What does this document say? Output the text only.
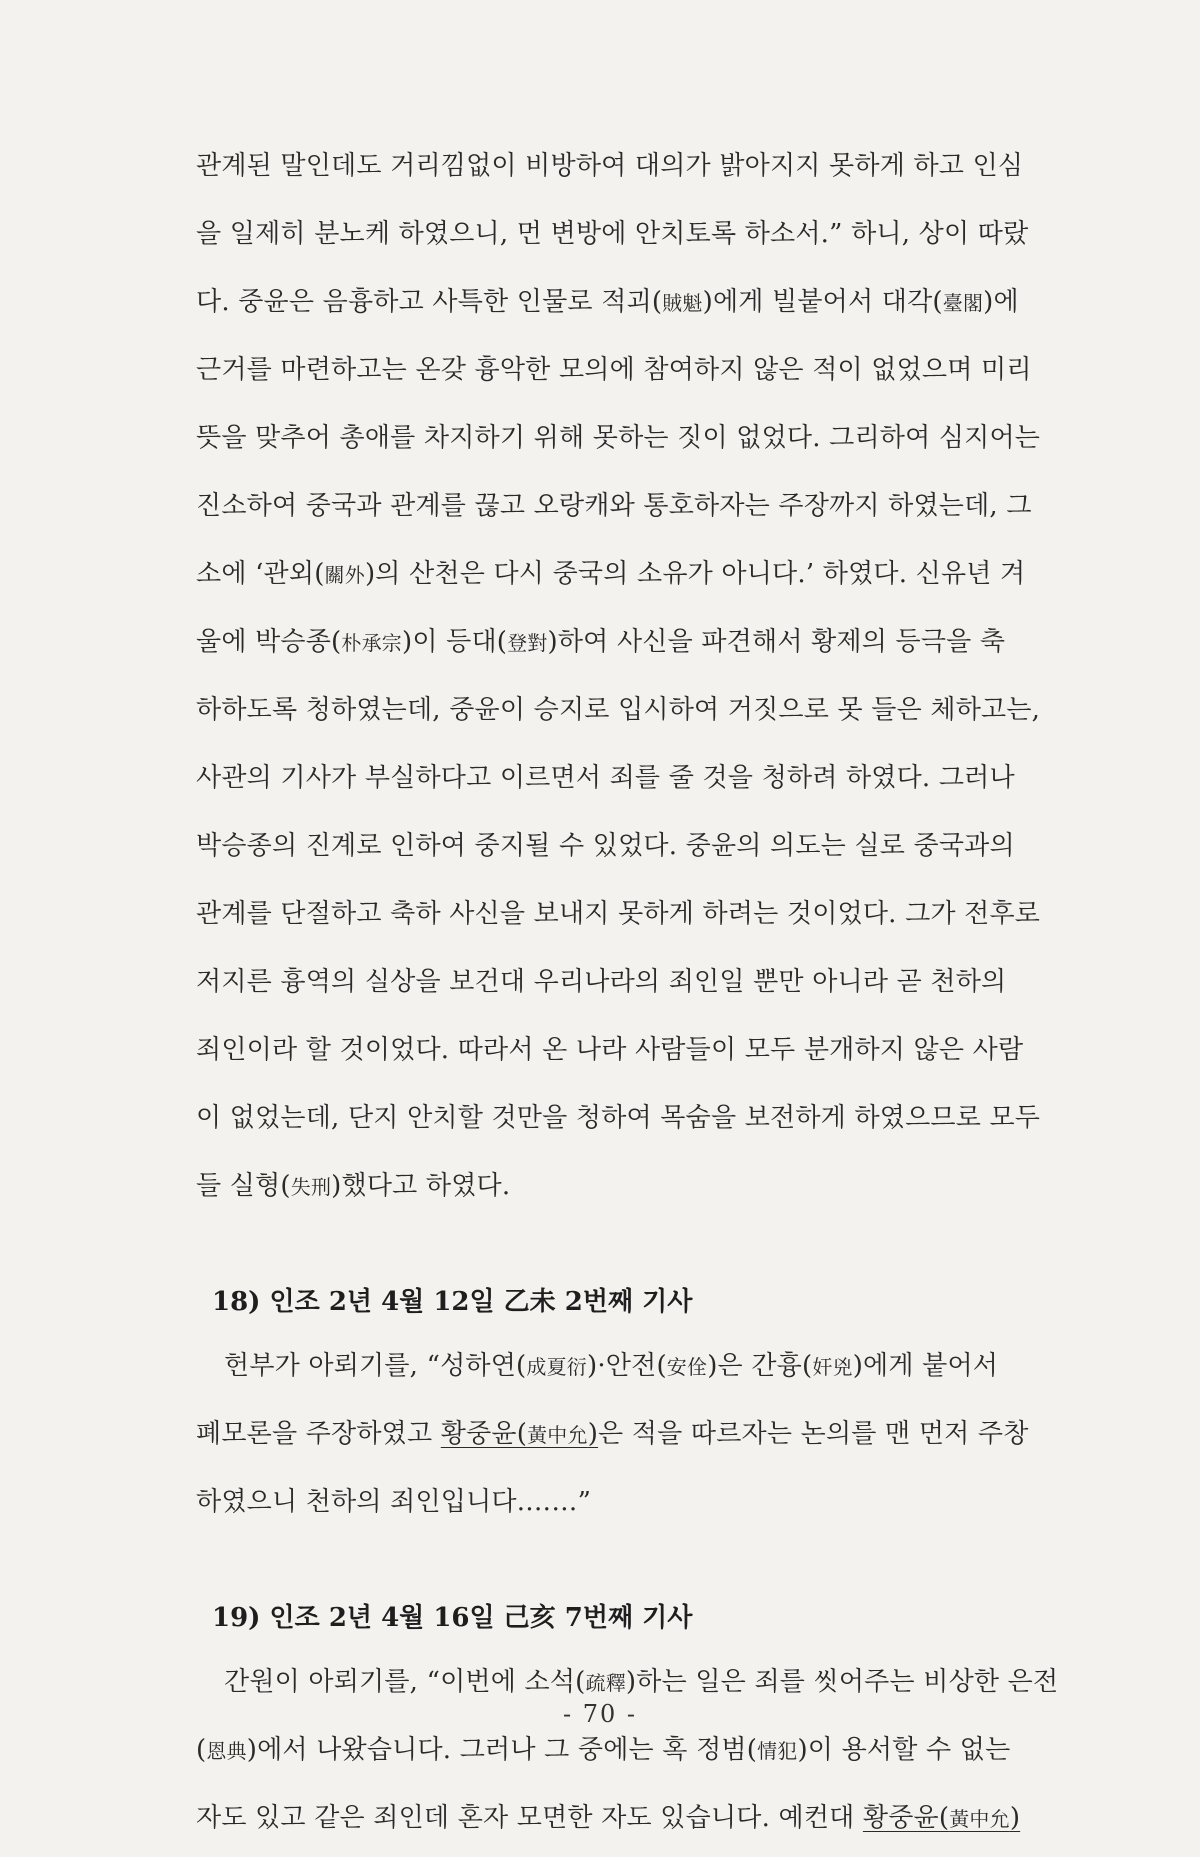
관계된 말인데도 거리낌없이 비방하여 대의가 밝아지지 못하게 하고 인심
을 일제히 분노케 하였으니, 먼 변방에 안치토록 하소서.” 하니, 상이 따랐
다. 중윤은 음흉하고 사특한 인물로 적괴(賊魁)에게 빌붙어서 대각(臺閣)에
근거를 마련하고는 온갖 흉악한 모의에 참여하지 않은 적이 없었으며 미리
뜻을 맞추어 총애를 차지하기 위해 못하는 짓이 없었다. 그리하여 심지어는
진소하여 중국과 관계를 끊고 오랑캐와 통호하자는 주장까지 하였는데, 그
소에 ‘관외(關外)의 산천은 다시 중국의 소유가 아니다.’ 하였다. 신유년 겨
울에 박승종(朴承宗)이 등대(登對)하여 사신을 파견해서 황제의 등극을 축
하하도록 청하였는데, 중윤이 승지로 입시하여 거짓으로 못 들은 체하고는,
사관의 기사가 부실하다고 이르면서 죄를 줄 것을 청하려 하였다. 그러나
박승종의 진계로 인하여 중지될 수 있었다. 중윤의 의도는 실로 중국과의
관계를 단절하고 축하 사신을 보내지 못하게 하려는 것이었다. 그가 전후로
저지른 흉역의 실상을 보건대 우리나라의 죄인일 뿐만 아니라 곧 천하의
죄인이라 할 것이었다. 따라서 온 나라 사람들이 모두 분개하지 않은 사람
이 없었는데, 단지 안치할 것만을 청하여 목숨을 보전하게 하였으므로 모두
들 실형(失刑)했다고 하였다.
18) 인조 2년 4월 12일 乙未 2번째 기사
헌부가 아뢰기를, “성하연(成夏衍)·안전(安佺)은 간흉(奸兇)에게 붙어서
폐모론을 주장하였고 황중윤(黃中允)은 적을 따르자는 논의를 맨 먼저 주창
하였으니 천하의 죄인입니다.……”
19) 인조 2년 4월 16일 己亥 7번째 기사
간원이 아뢰기를, “이번에 소석(疏釋)하는 일은 죄를 씻어주는 비상한 은전
(恩典)에서 나왔습니다. 그러나 그 중에는 혹 정범(情犯)이 용서할 수 없는
자도 있고 같은 죄인데 혼자 모면한 자도 있습니다. 예컨대 황중윤(黃中允)
- 70 -
